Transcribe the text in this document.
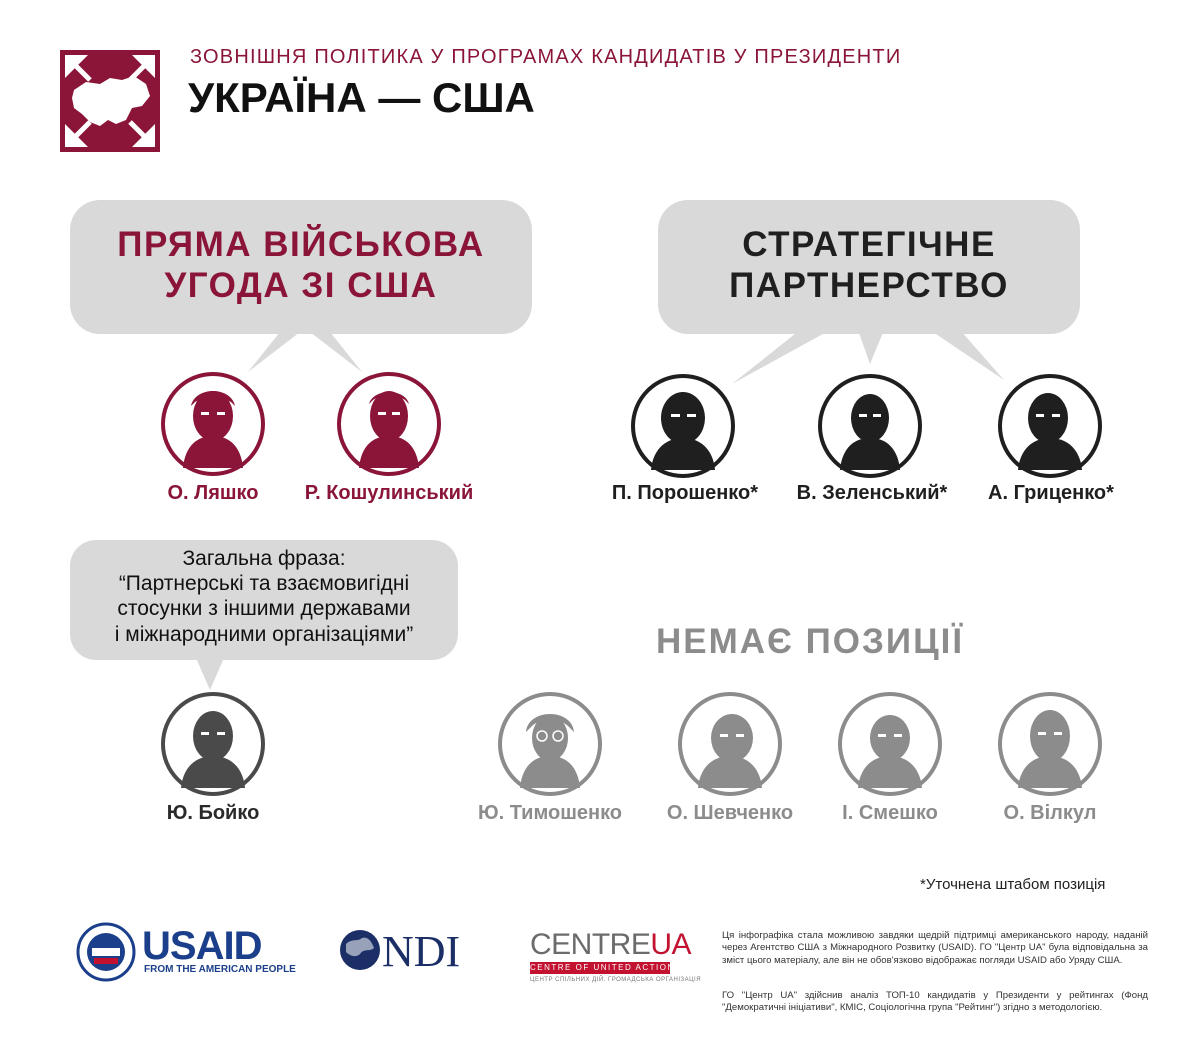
ЗОВНІШНЯ ПОЛІТИКА У ПРОГРАМАХ КАНДИДАТІВ У ПРЕЗИДЕНТИ
УКРАЇНА — США
ПРЯМА ВІЙСЬКОВА
УГОДА ЗІ США
СТРАТЕГІЧНЕ
ПАРТНЕРСТВО
Загальна фраза:
“Партнерські та взаємовигідні
стосунки з іншими державами
і міжнародними організаціями”	НЕМАЄ ПОЗИЦІЇ
О. Ляшко	Р. Кошулинський	П. Порошенко*	В. Зеленський*	А. Гриценко*
Ю. Бойко	Ю. Тимошенко	О. Шевченко	І. Смешко	О. Вілкул
*Уточнена штабом позиція
USAID
FROM THE AMERICAN PEOPLE NDI CENTREUA
CENTRE OF UNITED ACTIONS
ЦЕНТР СПІЛЬНИХ ДІЙ. ГРОМАДСЬКА ОРГАНІЗАЦІЯ
Ця інфографіка стала можливою завдяки щедрій підтримці американського народу, наданій через Агентство США з Міжнародного Розвитку (USAID). ГО "Центр UA" була відповідальна за зміст цього матеріалу, але він не обов'язково відображає погляди USAID або Уряду США.
ГО "Центр UA" здійснив аналіз ТОП-10 кандидатів у Президенти у рейтингах (Фонд "Демократичні ініціативи", КМІС, Соціологічна група "Рейтинг") згідно з методологією.
